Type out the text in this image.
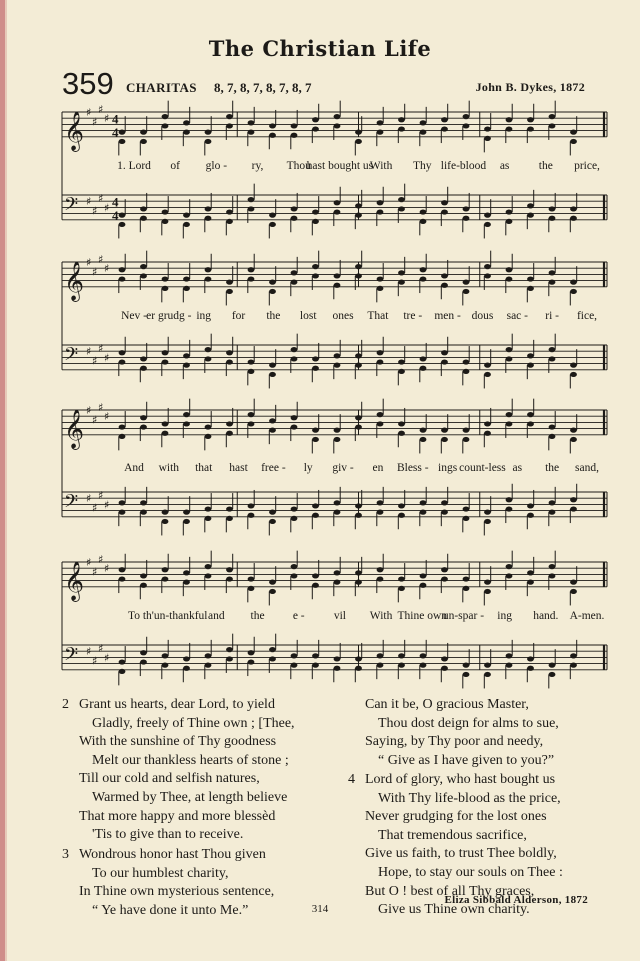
The Christian Life
359 CHARITAS 8, 7, 8, 7, 8, 7, 8, 7	John B. Dykes, 1872
𝄞 ♯
♯
♯
♯ 4
4
𝄢 ♯
♯
♯
♯ 4
4
𝄞 ♯
♯
♯
♯
𝄢 ♯
♯
♯
♯
𝄞 ♯
♯
♯
♯
𝄢 ♯
♯
♯
♯
𝄞 ♯
♯
♯
♯
𝄢 ♯
♯
♯
♯
1. Lord of glo - ry, Thou
hast bought us
With Thy life-blood as	the price,
Nev - er grudg - ing for the lost ones That tre - men - dous sac - ri - fice,
And with that hast free - ly giv - en Bless - ings count-less as the sand,
To th'un-thankful and the e -	vil With Thine own
un-spar - ing hand. A-men.
2 Grant us hearts, dear Lord, to yield
Gladly, freely of Thine own ; [Thee,
With the sunshine of Thy goodness
Melt our thankless hearts of stone ;
Till our cold and selfish natures,
Warmed by Thee, at length believe
That more happy and more blessèd
'Tis to give than to receive.
3 Wondrous honor hast Thou given
To our humblest charity,
In Thine own mysterious sentence,
“ Ye have done it unto Me.”
Can it be, O gracious Master,
Thou dost deign for alms to sue,
Saying, by Thy poor and needy,
“ Give as I have given to you?”
4 Lord of glory, who hast bought us
With Thy life-blood as the price,
Never grudging for the lost ones
That tremendous sacrifice,
Give us faith, to trust Thee boldly,
Hope, to stay our souls on Thee :
But O ! best of all Thy graces,
Give us Thine own charity.
Eliza Sibbald Alderson, 1872
314
